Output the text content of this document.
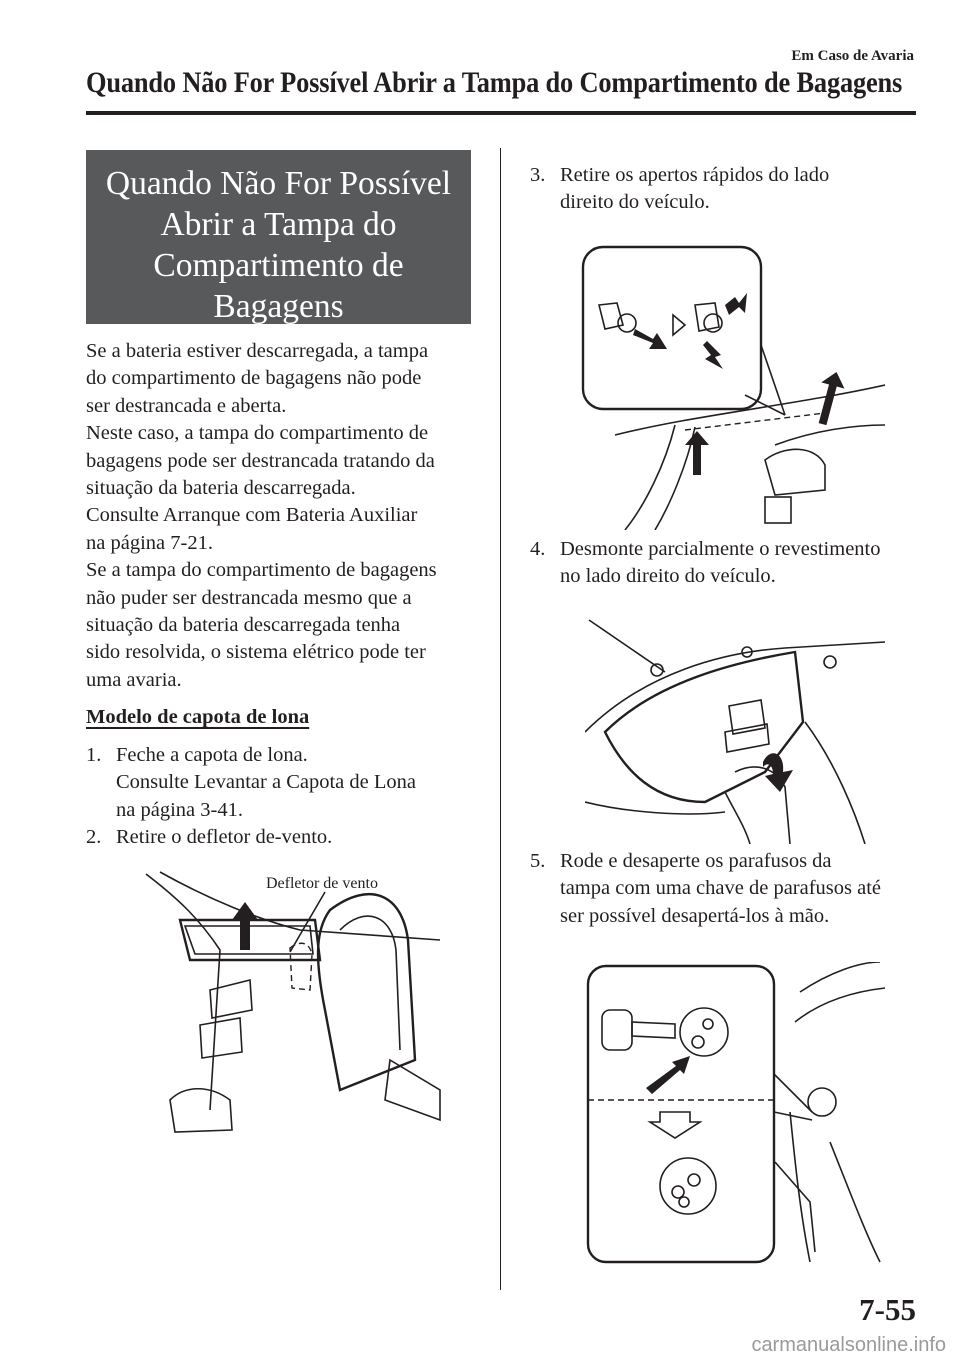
Em Caso de Avaria
Quando Não For Possível Abrir a Tampa do Compartimento de Bagagens
Quando Não For Possível
Abrir a Tampa do
Compartimento de
Bagagens

Se a bateria estiver descarregada, a tampa

do compartimento de bagagens não pode

ser destrancada e aberta.

Neste caso, a tampa do compartimento de

bagagens pode ser destrancada tratando da

situação da bateria descarregada.

Consulte Arranque com Bateria Auxiliar

na página 7-21.

Se a tampa do compartimento de bagagens

não puder ser destrancada mesmo que a

situação da bateria descarregada tenha

sido resolvida, o sistema elétrico pode ter

uma avaria.

Modelo de capota de lona

1. Feche a capota de lona.

Consulte Levantar a Capota de Lona

na página 3-41.

2. Retire o defletor de-vento.

Defletor de vento
3. Retire os apertos rápidos do lado

direito do veículo.

4. Desmonte parcialmente o revestimento

no lado direito do veículo.

5. Rode e desaperte os parafusos da

tampa com uma chave de parafusos até

ser possível desapertá-los à mão.

7-55
carmanualsonline.info
